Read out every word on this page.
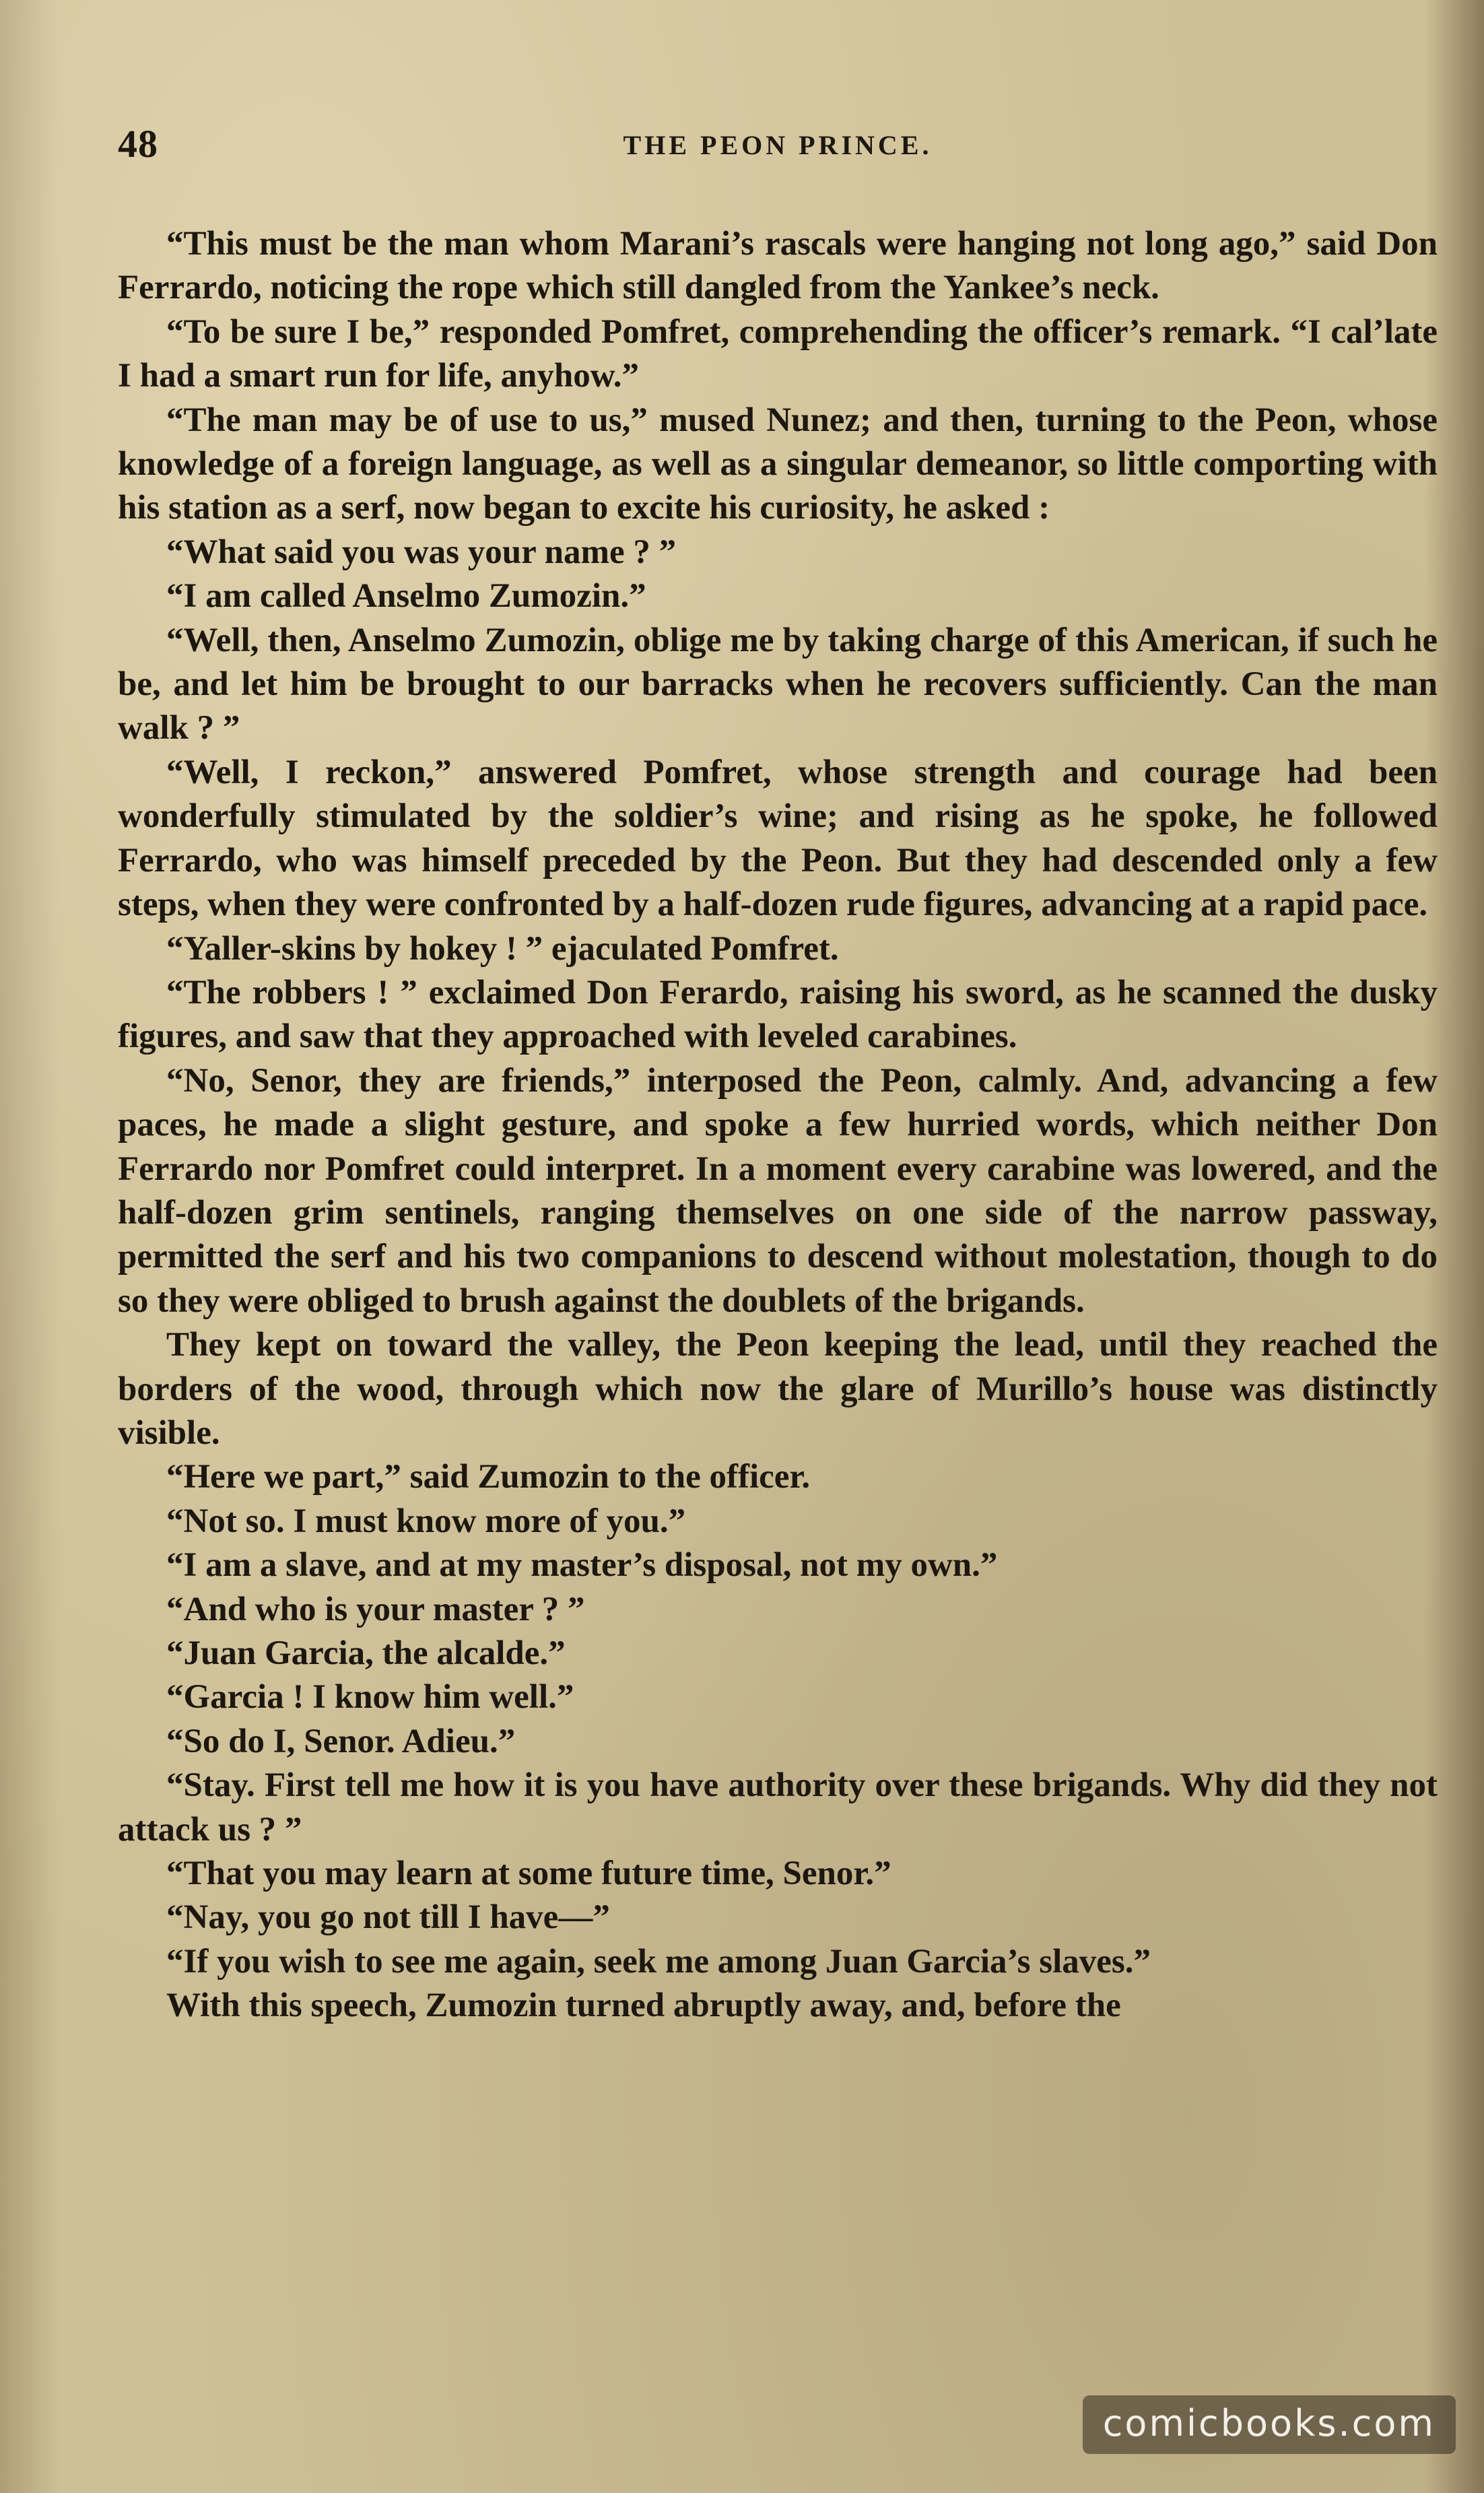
48	THE PEON PRINCE.

“This must be the man whom Marani’s rascals were hanging not long ago,” said Don Ferrardo, noticing the rope which still dangled from the Yankee’s neck.

“To be sure I be,” responded Pomfret, comprehending the officer’s remark. “I cal’late I had a smart run for life, anyhow.”

“The man may be of use to us,” mused Nunez; and then, turning to the Peon, whose knowledge of a foreign language, as well as a singular demeanor, so little comporting with his station as a serf, now began to excite his curiosity, he asked :

“What said you was your name ? ”

“I am called Anselmo Zumozin.”

“Well, then, Anselmo Zumozin, oblige me by taking charge of this American, if such he be, and let him be brought to our barracks when he recovers sufficiently. Can the man walk ? ”

“Well, I reckon,” answered Pomfret, whose strength and courage had been wonderfully stimulated by the soldier’s wine; and rising as he spoke, he followed Ferrardo, who was himself preceded by the Peon. But they had descended only a few steps, when they were confronted by a half-dozen rude figures, advancing at a rapid pace.

“Yaller-skins by hokey ! ” ejaculated Pomfret.

“The robbers ! ” exclaimed Don Ferardo, raising his sword, as he scanned the dusky figures, and saw that they approached with leveled carabines.

“No, Senor, they are friends,” interposed the Peon, calmly. And, advancing a few paces, he made a slight gesture, and spoke a few hurried words, which neither Don Ferrardo nor Pomfret could interpret. In a moment every carabine was lowered, and the half-dozen grim sentinels, ranging themselves on one side of the narrow passway, permitted the serf and his two companions to descend without molestation, though to do so they were obliged to brush against the doublets of the brigands.

They kept on toward the valley, the Peon keeping the lead, until they reached the borders of the wood, through which now the glare of Murillo’s house was distinctly visible.

“Here we part,” said Zumozin to the officer.

“Not so. I must know more of you.”

“I am a slave, and at my master’s disposal, not my own.”

“And who is your master ? ”

“Juan Garcia, the alcalde.”

“Garcia ! I know him well.”

“So do I, Senor. Adieu.”

“Stay. First tell me how it is you have authority over these brigands. Why did they not attack us ? ”

“That you may learn at some future time, Senor.”

“Nay, you go not till I have—”

“If you wish to see me again, seek me among Juan Garcia’s slaves.”

With this speech, Zumozin turned abruptly away, and, before the

comicbooks.com
